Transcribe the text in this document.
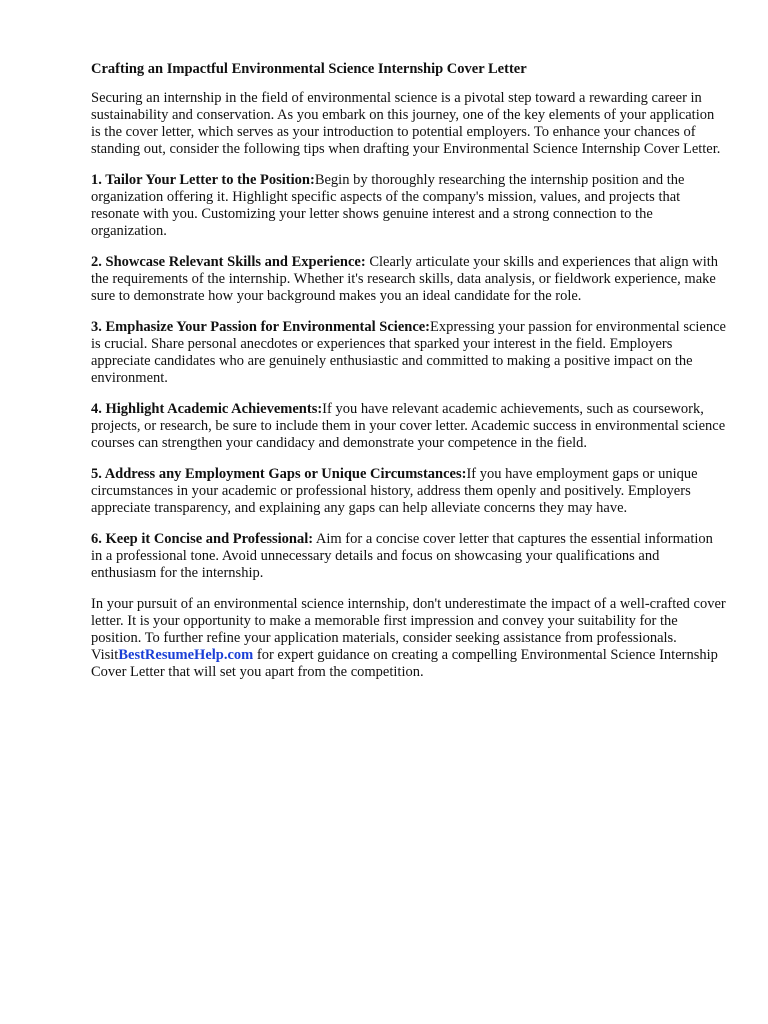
Crafting an Impactful Environmental Science Internship Cover Letter

Securing an internship in the field of environmental science is a pivotal step toward a rewarding career in sustainability and conservation. As you embark on this journey, one of the key elements of your application is the cover letter, which serves as your introduction to potential employers. To enhance your chances of standing out, consider the following tips when drafting your Environmental Science Internship Cover Letter.

1. Tailor Your Letter to the Position:Begin by thoroughly researching the internship position and the organization offering it. Highlight specific aspects of the company's mission, values, and projects that resonate with you. Customizing your letter shows genuine interest and a strong connection to the organization.

2. Showcase Relevant Skills and Experience: Clearly articulate your skills and experiences that align with the requirements of the internship. Whether it's research skills, data analysis, or fieldwork experience, make sure to demonstrate how your background makes you an ideal candidate for the role.

3. Emphasize Your Passion for Environmental Science:Expressing your passion for environmental science is crucial. Share personal anecdotes or experiences that sparked your interest in the field. Employers appreciate candidates who are genuinely enthusiastic and committed to making a positive impact on the environment.

4. Highlight Academic Achievements:If you have relevant academic achievements, such as coursework, projects, or research, be sure to include them in your cover letter. Academic success in environmental science courses can strengthen your candidacy and demonstrate your competence in the field.

5. Address any Employment Gaps or Unique Circumstances:If you have employment gaps or unique circumstances in your academic or professional history, address them openly and positively. Employers appreciate transparency, and explaining any gaps can help alleviate concerns they may have.

6. Keep it Concise and Professional: Aim for a concise cover letter that captures the essential information in a professional tone. Avoid unnecessary details and focus on showcasing your qualifications and enthusiasm for the internship.

In your pursuit of an environmental science internship, don't underestimate the impact of a well-crafted cover letter. It is your opportunity to make a memorable first impression and convey your suitability for the position. To further refine your application materials, consider seeking assistance from professionals. VisitBestResumeHelp.com for expert guidance on creating a compelling Environmental Science Internship Cover Letter that will set you apart from the competition.
